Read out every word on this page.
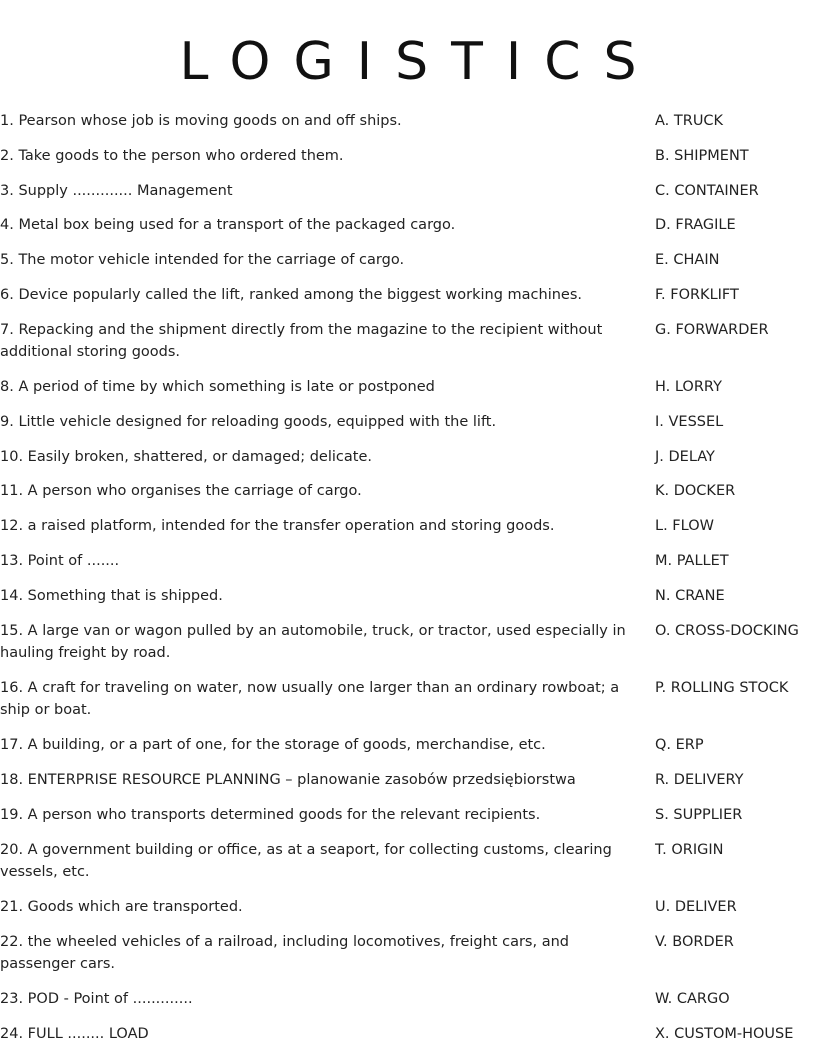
LOGISTICS
1. Pearson whose job is moving goods on and off ships.	A. TRUCK
2. Take goods to the person who ordered them.	B. SHIPMENT
3. Supply ............. Management	C. CONTAINER
4. Metal box being used for a transport of the packaged cargo.	D. FRAGILE
5. The motor vehicle intended for the carriage of cargo.	E. CHAIN
6. Device popularly called the lift, ranked among the biggest working machines.	F. FORKLIFT
7. Repacking and the shipment directly from the magazine to the recipient without additional storing goods.
G. FORWARDER
8. A period of time by which something is late or postponed	H. LORRY
9. Little vehicle designed for reloading goods, equipped with the lift.	I. VESSEL
10. Easily broken, shattered, or damaged; delicate.	J. DELAY
11. A person who organises the carriage of cargo.	K. DOCKER
12. a raised platform, intended for the transfer operation and storing goods.	L. FLOW
13. Point of .......	M. PALLET
14. Something that is shipped.	N. CRANE
15. A large van or wagon pulled by an automobile, truck, or tractor, used especially in hauling freight by road.
O. CROSS-DOCKING
16. A craft for traveling on water, now usually one larger than an ordinary rowboat; a ship or boat.
P. ROLLING STOCK
17. A building, or a part of one, for the storage of goods, merchandise, etc.	Q. ERP
18. ENTERPRISE RESOURCE PLANNING – planowanie zasobów przedsiębiorstwa	R. DELIVERY
19. A person who transports determined goods for the relevant recipients.	S. SUPPLIER
20. A government building or office, as at a seaport, for collecting customs, clearing vessels, etc.
T. ORIGIN
21. Goods which are transported.	U. DELIVER
22. the wheeled vehicles of a railroad, including locomotives, freight cars, and passenger cars.
V. BORDER
23. POD - Point of .............	W. CARGO
24. FULL ........ LOAD	X. CUSTOM-HOUSE
